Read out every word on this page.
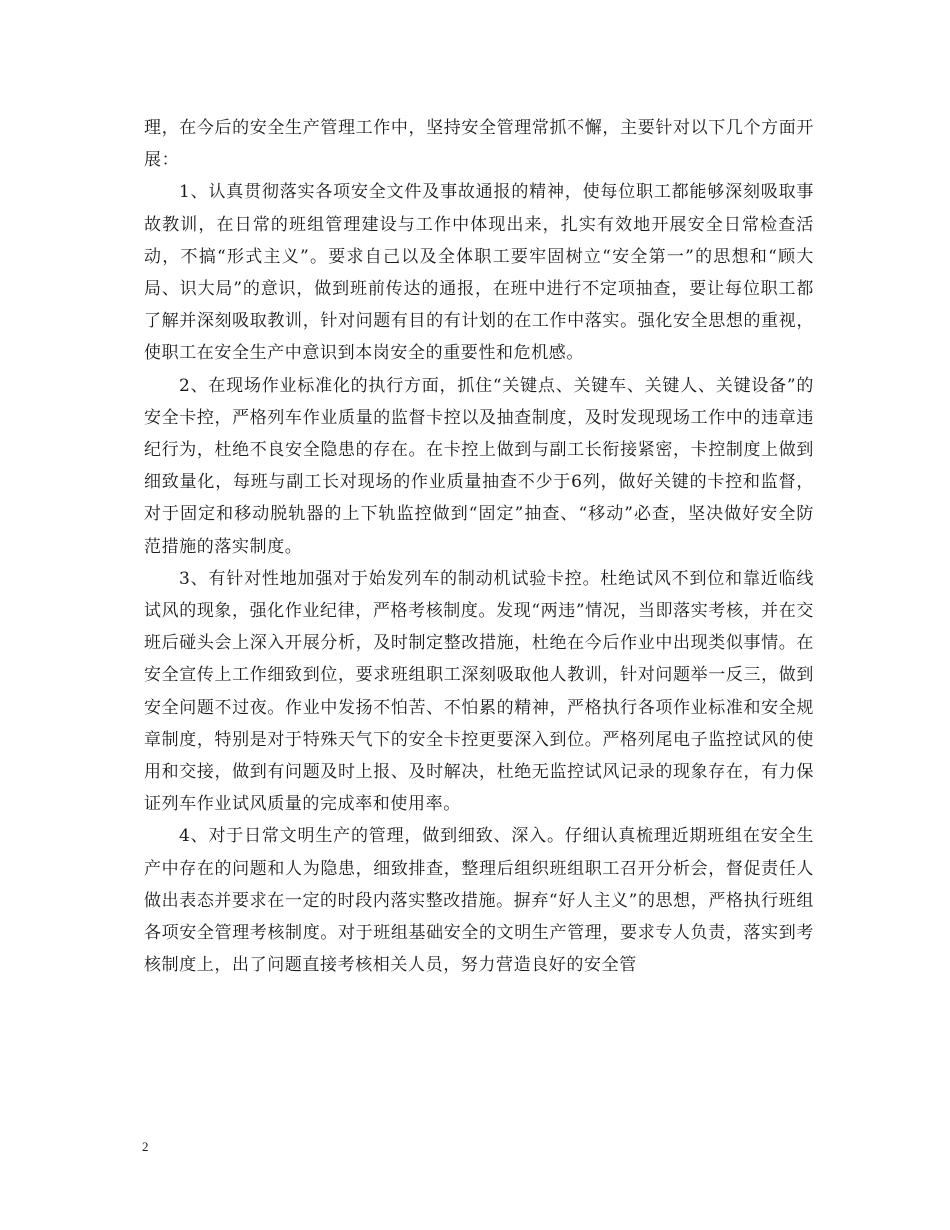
理，在今后的安全生产管理工作中，坚持安全管理常抓不懈，主要针对以下几个方面开展：

1、认真贯彻落实各项安全文件及事故通报的精神，使每位职工都能够深刻吸取事故教训，在日常的班组管理建设与工作中体现出来，扎实有效地开展安全日常检查活动，不搞“形式主义”。要求自己以及全体职工要牢固树立“安全第一”的思想和“顾大局、识大局”的意识，做到班前传达的通报，在班中进行不定项抽查，要让每位职工都了解并深刻吸取教训，针对问题有目的有计划的在工作中落实。强化安全思想的重视，使职工在安全生产中意识到本岗安全的重要性和危机感。

2、在现场作业标准化的执行方面，抓住“关键点、关键车、关键人、关键设备”的安全卡控，严格列车作业质量的监督卡控以及抽查制度，及时发现现场工作中的违章违纪行为，杜绝不良安全隐患的存在。在卡控上做到与副工长衔接紧密，卡控制度上做到细致量化，每班与副工长对现场的作业质量抽查不少于6列，做好关键的卡控和监督，对于固定和移动脱轨器的上下轨监控做到“固定”抽查、“移动”必查，坚决做好安全防范措施的落实制度。

3、有针对性地加强对于始发列车的制动机试验卡控。杜绝试风不到位和靠近临线试风的现象，强化作业纪律，严格考核制度。发现“两违”情况，当即落实考核，并在交班后碰头会上深入开展分析，及时制定整改措施，杜绝在今后作业中出现类似事情。在安全宣传上工作细致到位，要求班组职工深刻吸取他人教训，针对问题举一反三，做到安全问题不过夜。作业中发扬不怕苦、不怕累的精神，严格执行各项作业标准和安全规章制度，特别是对于特殊天气下的安全卡控更要深入到位。严格列尾电子监控试风的使用和交接，做到有问题及时上报、及时解决，杜绝无监控试风记录的现象存在，有力保证列车作业试风质量的完成率和使用率。

4、对于日常文明生产的管理，做到细致、深入。仔细认真梳理近期班组在安全生产中存在的问题和人为隐患，细致排查，整理后组织班组职工召开分析会，督促责任人做出表态并要求在一定的时段内落实整改措施。摒弃“好人主义”的思想，严格执行班组各项安全管理考核制度。对于班组基础安全的文明生产管理，要求专人负责，落实到考核制度上，出了问题直接考核相关人员，努力营造良好的安全管

2
